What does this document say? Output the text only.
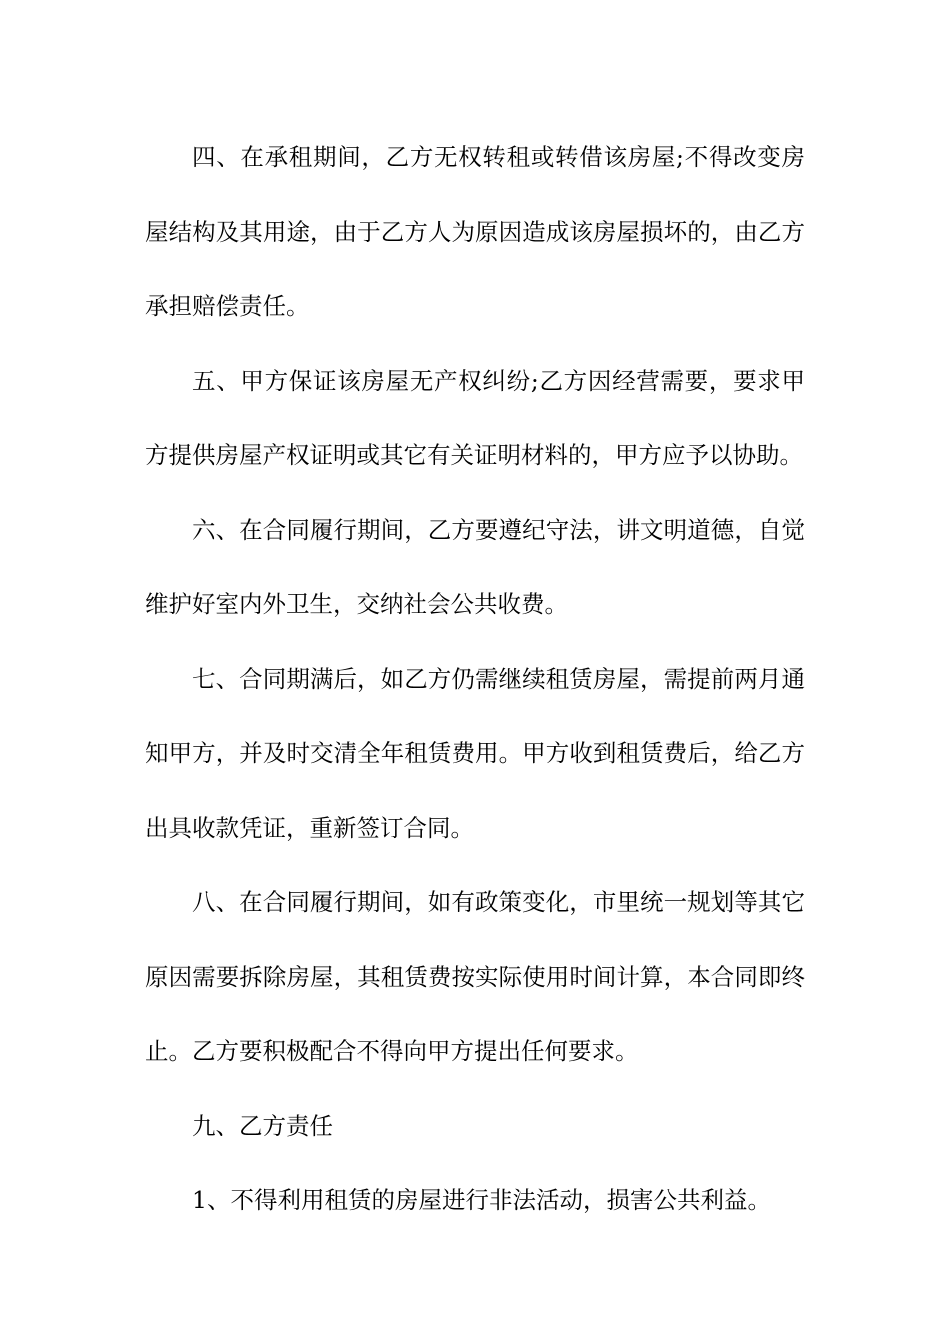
四、在承租期间，乙方无权转租或转借该房屋;不得改变房屋结构及其用途，由于乙方人为原因造成该房屋损坏的，由乙方承担赔偿责任。

五、甲方保证该房屋无产权纠纷;乙方因经营需要，要求甲方提供房屋产权证明或其它有关证明材料的，甲方应予以协助。

六、在合同履行期间，乙方要遵纪守法，讲文明道德，自觉维护好室内外卫生，交纳社会公共收费。

七、合同期满后，如乙方仍需继续租赁房屋，需提前两月通知甲方，并及时交清全年租赁费用。甲方收到租赁费后，给乙方出具收款凭证，重新签订合同。

八、在合同履行期间，如有政策变化，市里统一规划等其它原因需要拆除房屋，其租赁费按实际使用时间计算，本合同即终止。乙方要积极配合不得向甲方提出任何要求。

九、乙方责任

1、不得利用租赁的房屋进行非法活动，损害公共利益。
